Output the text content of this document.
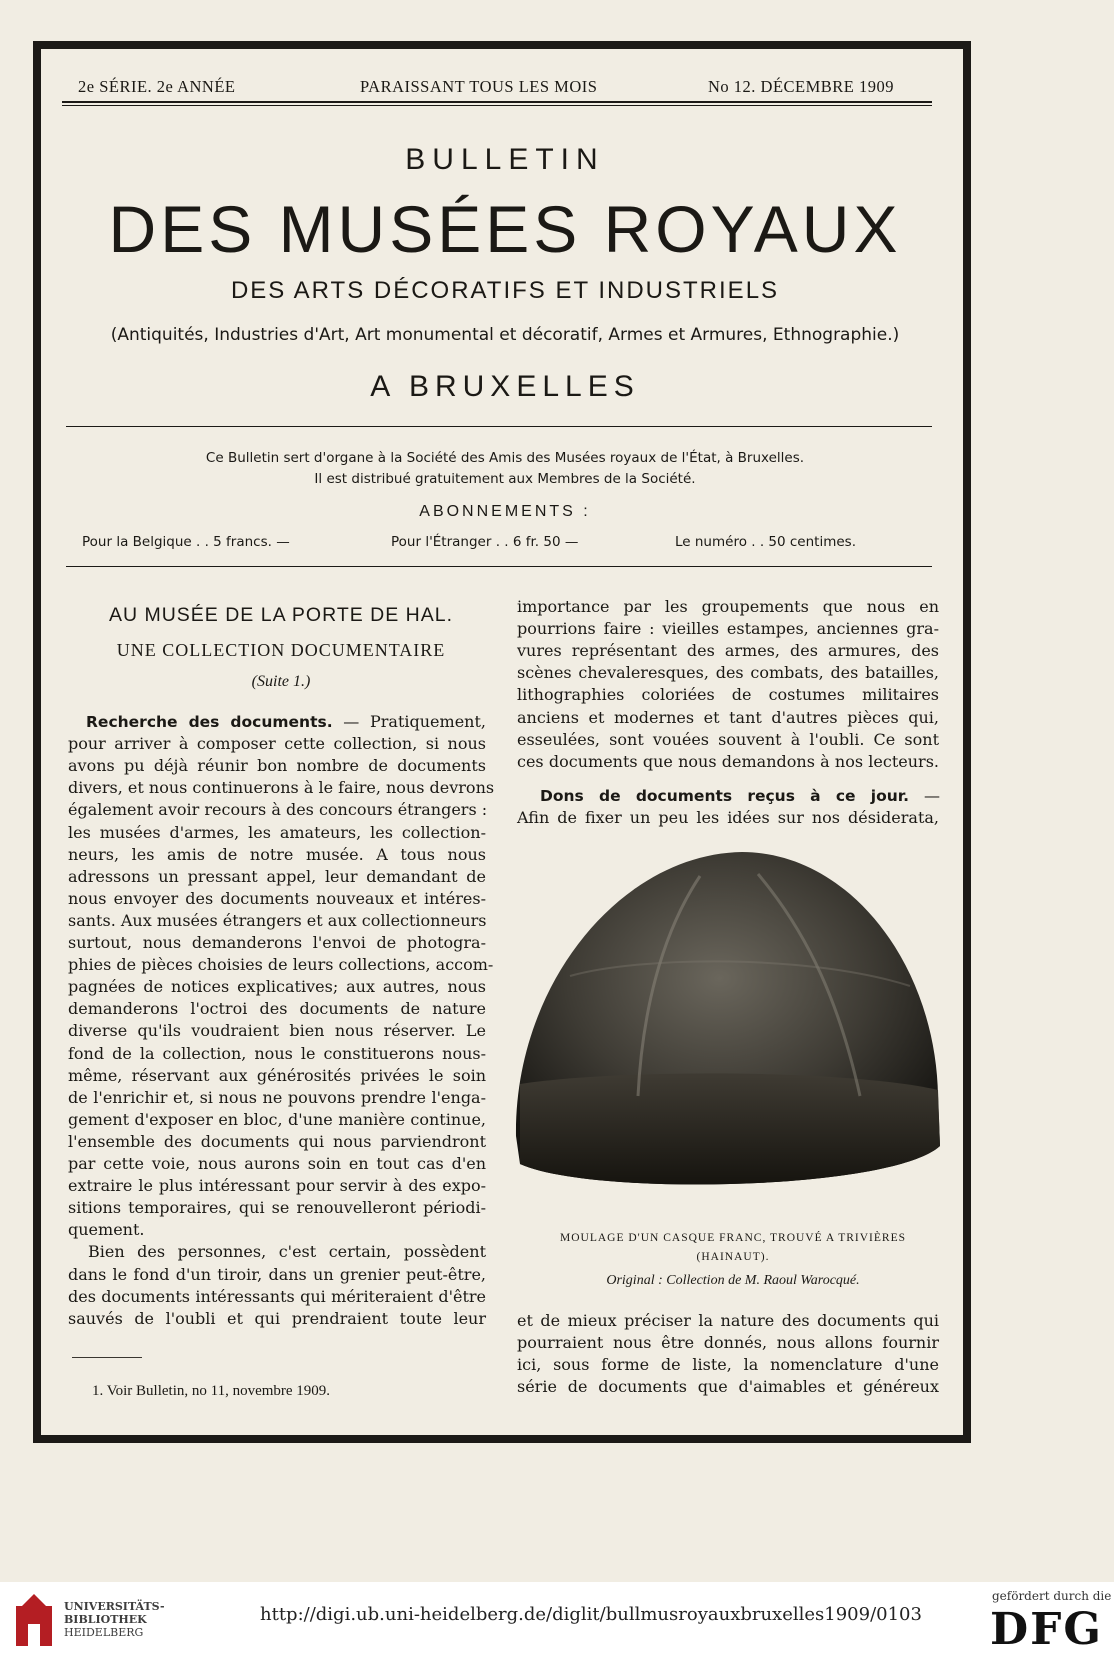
2e SÉRIE. 2e ANNÉE	PARAISSANT TOUS LES MOIS	No 12. DÉCEMBRE 1909
BULLETIN
DES MUSÉES ROYAUX
DES ARTS DÉCORATIFS ET INDUSTRIELS
(Antiquités, Industries d'Art, Art monumental et décoratif, Armes et Armures, Ethnographie.)
A BRUXELLES
Ce Bulletin sert d'organe à la Société des Amis des Musées royaux de l'État, à Bruxelles.
Il est distribué gratuitement aux Membres de la Société.
ABONNEMENTS :
Pour la Belgique . . 5 francs. —	Pour l'Étranger . . 6 fr. 50 —	Le numéro . . 50 centimes.
AU MUSÉE DE LA PORTE DE HAL.
UNE COLLECTION DOCUMENTAIRE
(Suite 1.)
MOULAGE D'UN CASQUE FRANC, TROUVÉ A TRIVIÈRES
(HAINAUT).
Original : Collection de M. Raoul Warocqué.
1. Voir Bulletin, no 11, novembre 1909.
UNIVERSITÄTS-
BIBLIOTHEK
HEIDELBERG
http://digi.ub.uni-heidelberg.de/diglit/bullmusroyauxbruxelles1909/0103
gefördert durch die
DFG
Recherche des documents. — Pratiquement,
pour arriver à composer cette collection, si nous
avons pu déjà réunir bon nombre de documents
divers, et nous continuerons à le faire, nous devrons
également avoir recours à des concours étrangers :
les musées d'armes, les amateurs, les collection-
neurs, les amis de notre musée. A tous nous
adressons un pressant appel, leur demandant de
nous envoyer des documents nouveaux et intéres-
sants. Aux musées étrangers et aux collectionneurs
surtout, nous demanderons l'envoi de photogra-
phies de pièces choisies de leurs collections, accom-
pagnées de notices explicatives; aux autres, nous
demanderons l'octroi des documents de nature
diverse qu'ils voudraient bien nous réserver. Le
fond de la collection, nous le constituerons nous-
même, réservant aux générosités privées le soin
de l'enrichir et, si nous ne pouvons prendre l'enga-
gement d'exposer en bloc, d'une manière continue,
l'ensemble des documents qui nous parviendront
par cette voie, nous aurons soin en tout cas d'en
extraire le plus intéressant pour servir à des expo-
sitions temporaires, qui se renouvelleront périodi-
quement.
Bien des personnes, c'est certain, possèdent
dans le fond d'un tiroir, dans un grenier peut-être,
des documents intéressants qui mériteraient d'être
sauvés de l'oubli et qui prendraient toute leur
importance par les groupements que nous en
pourrions faire : vieilles estampes, anciennes gra-
vures représentant des armes, des armures, des
scènes chevaleresques, des combats, des batailles,
lithographies coloriées de costumes militaires
anciens et modernes et tant d'autres pièces qui,
esseulées, sont vouées souvent à l'oubli. Ce sont
ces documents que nous demandons à nos lecteurs.
Dons de documents reçus à ce jour. —
Afin de fixer un peu les idées sur nos désiderata,
et de mieux préciser la nature des documents qui
pourraient nous être donnés, nous allons fournir
ici, sous forme de liste, la nomenclature d'une
série de documents que d'aimables et généreux
